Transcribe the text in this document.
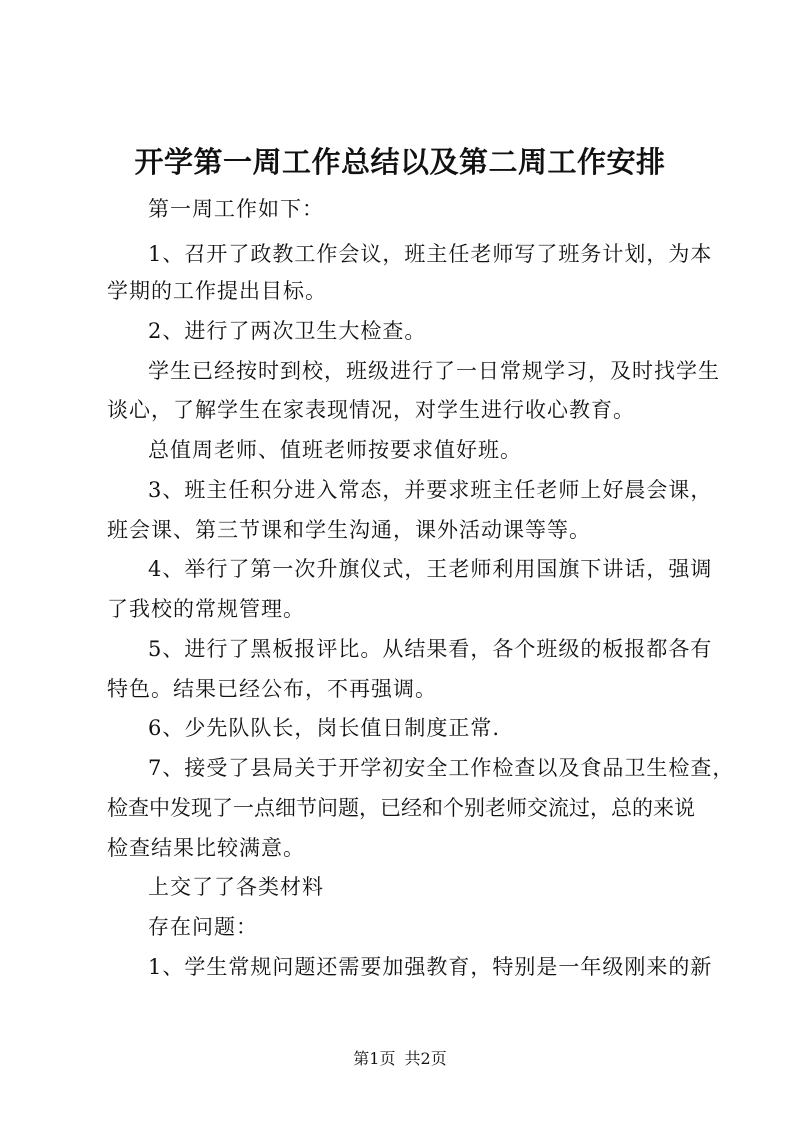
开学第一周工作总结以及第二周工作安排
第一周工作如下：
1、召开了政教工作会议，班主任老师写了班务计划，为本
学期的工作提出目标。
2、进行了两次卫生大检查。
学生已经按时到校，班级进行了一日常规学习，及时找学生
谈心，了解学生在家表现情况，对学生进行收心教育。
总值周老师、值班老师按要求值好班。
3、班主任积分进入常态，并要求班主任老师上好晨会课，
班会课、第三节课和学生沟通，课外活动课等等。
4、举行了第一次升旗仪式，王老师利用国旗下讲话，强调
了我校的常规管理。
5、进行了黑板报评比。从结果看，各个班级的板报都各有
特色。结果已经公布，不再强调。
6、少先队队长，岗长值日制度正常.
7、接受了县局关于开学初安全工作检查以及食品卫生检查，
检查中发现了一点细节问题，已经和个别老师交流过，总的来说
检查结果比较满意。
上交了了各类材料
存在问题：
1、学生常规问题还需要加强教育，特别是一年级刚来的新
第1页 共2页
